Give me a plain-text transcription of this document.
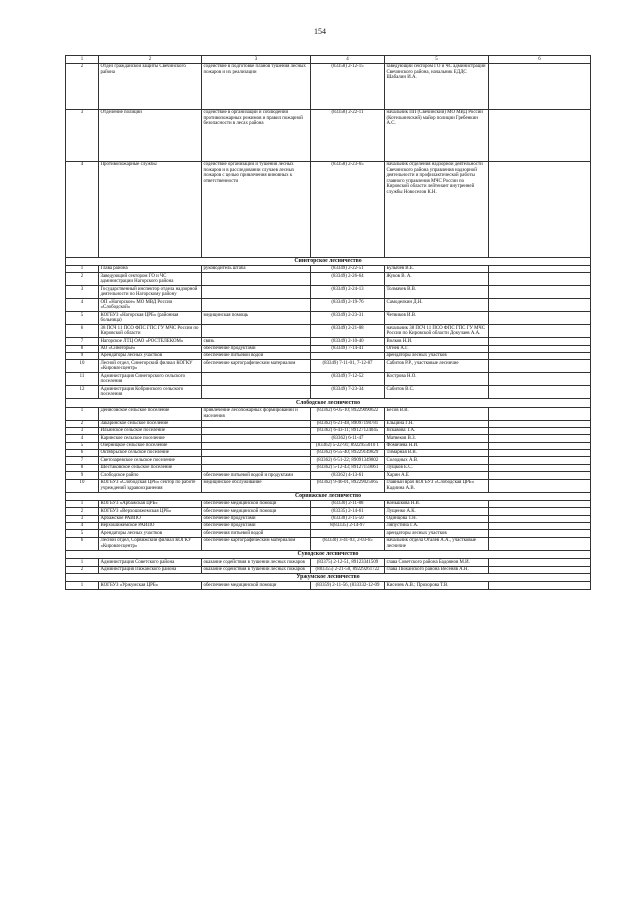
154
1	2	3	4	5	6
2	Отдел гражданской защиты Свечинского района	содействие в подготовке планов тушения лесных пожаров и их реализации	(83358) 2-12-15	заведующий сектором ГО и ЧС администрации Свечинского района, начальник ЕДДС Шабалин И.А.	
3	Отделение полиции	содействие в организации и соблюдении противопожарных режимов и правил пожарной безопасности в лесах района	(83358) 2-22-11	начальник ПП (Свечинский) МО МВД России (Котельничский) майор полиции Гребенкин А.С.	
4	Противопожарные службы	содействие организации и тушения лесных пожаров и в расследовании случаев лесных пожаров с целью привлечения виновных к ответственности	(83358) 2-23-65	начальник отделения надзорной деятельности Свечинского района управления надзорной деятельности и профилактической работы главного управления МЧС России по Кировской области лейтенант внутренней службы Новоселов К.Н.	
Синегорское лесничество					
1	Глава района	руководитель штаба	(83349) 2-22-51	Булычев В.Е.	
2	Заведующий сектором ГО и ЧС администрации Нагорского района		(83349) 2-26-64	Жуков В. А.	
3	Государственный инспектор отдела надзорной деятельности по Нагорскому району		(83349) 2-24-13	Толмачев В.В.	
4	ОП «Нагорское» МО МВД России «Слободской»		(83349) 2-19-76	Самоделкин Д.Н.	
5	КОГБУЗ «Нагорская ЦРБ» (районная больница)	медицинская помощь	(83349) 2-23-31	Четвиков И.В.	
6	38 ПСЧ 11 ПСО ФПС ГПС ГУ МЧС России по Кировской области		(83349) 2-21-08	начальник 38 ПСЧ 11 ПСО ФПС ГПС ГУ МЧС России по Кировской области Докучаев А.А.	
7	Нагорское ЛТЦ ОАО «РОСТЕЛЕКОМ»	связь	(83349) 2-10-40	Волков Н.И.	
8	АО «Синегорье»	обеспечение продуктами	(83349) 7-14-41	Огнев А.Г.	
9	Арендаторы лесных участков	обеспечение питьевой водой		арендаторы лесных участков	
10	Лесной отдел, Синегорский филиал КОГКУ «Кировлесцентр»	обеспечение картографическим материалом	(83349) 7-11-01, 7-12-87	Сабитов Р.Р., участковые лесничие	
11	Администрация Синегорского сельского поселения		(83349) 7-12-52	Кострова Н.О.	
12	Администрация Кобринского сельского поселения		(83349) 7-23-34	Сабитов В.С.	
Слободское лесничество					
1	Денисовское сельское поселение	привлечение лесопожарных формирований и населения	(83362) 6-05-10; 89229090622	Бесов В.В.	
2	Закаринское сельское поселение		(83362) 6-21-48, 89097198781	Ельцина Г.Н.	
3	Ильинское сельское поселение		(83362) 6-43-11; 89127124045	Яскавова Т.А.	
4	Каринское сельское поселение		(83362) 6-11-47	Матвеков В.З.	
5	Озерницкое сельское поселение		(83362) 5-22-91; 8922955010 1	Фомичева Н.И.	
6	Октябрьское сельское поселение		(83362) 6-55-40; 89229149829	Тимарная В.В.	
7	Светозаревское сельское поселение		(83362) 6-51-22; 89091349802	Солодных А.В.	
8	Шестаковское сельское поселение		(83362) 5-12-43; 89127159061	Лущков Е.С.	
9	Слободское райпо	обеспечение питьевой водой и продуктами	(83362) 4-13-61	Харин А.Е	
10	КОГБУЗ «Слободская ЦРБ» сектор по работе учреждений здравоохранения	медицинское обслуживание	(83362) 9-46-01, 89229025065	главный врач КОГБУЗ «Слободская ЦРБ» Кадиина А.В.	
Сорвижское лесничество					
1	КОГБУЗ «Арбажская ЦРБ»	обеспечение медицинской помощи	(83330) 2-11-88	Коньшкова Н.В.	
2	КОГБУЗ «Верхошижемская ЦРБ»	обеспечение медицинской помощи	(83335) 2-14-61	Лущенко А.К.	
3	Арбажское РАЙПО	обеспечение продуктами	(83330) 2-15-50	Одинцова Т.Н.	
4	Верхошижемское РАЙПО	обеспечение продуктами	8(83335) 2-14-97	Ляпустина Г.А.	
5	Арендаторы лесных участков	обеспечения питьевой водой		арендаторы лесных участков	
6	Лесной отдел, Сорвижский филиал КОГКУ «Кировлесцентр»	обеспечение картографическим материалом	(83330) 3-41-93, 2-03-65	начальник отдела Оталев А.А., участковые лесничие	
Суводское лесничество					
1	Администрация Советского района	оказание содействия в тушении лесных пожаров	(83375) 2-12-51, 89123341509	глава Советского района Бадоянов М.И.	
2	Администрация Пижанского района	оказание содействия в тушении лесных пожаров	(883355) 2-21-50, 89229261722	глава Пижанского района Весеняв А.Н.	
Уржумское лесничество					
1	КОГБУЗ «Уржумская ЦРБ»	обеспечение медицинской помощи	(83359) 2-11-56, (833332-12-09	Киселев А.В.; Прохорова Т.В.	
